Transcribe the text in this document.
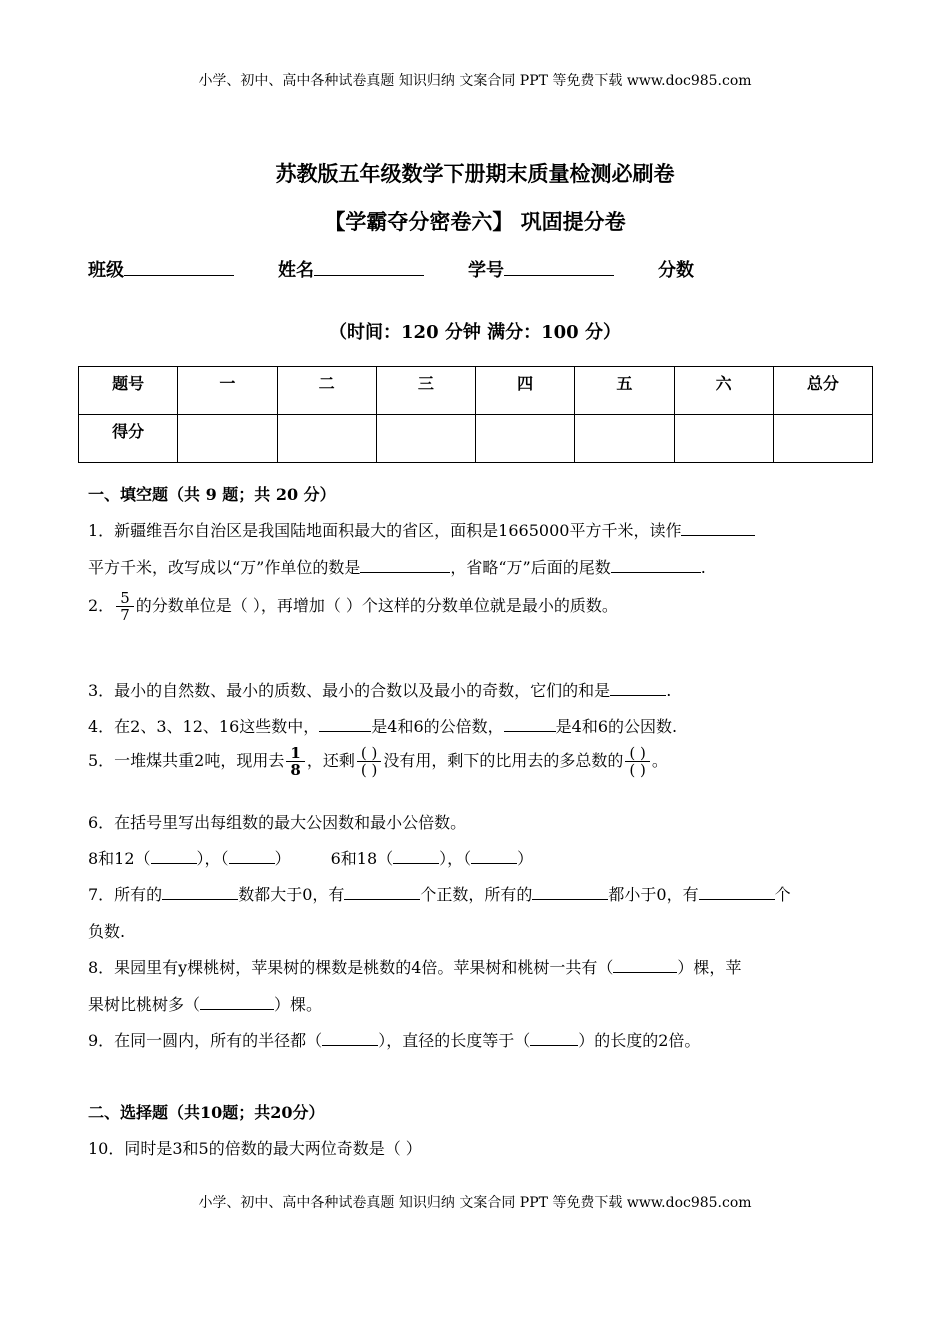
小学、初中、高中各种试卷真题 知识归纳 文案合同 PPT 等免费下载 www.doc985.com
苏教版五年级数学下册期末质量检测必刷卷
【学霸夺分密卷六】 巩固提分卷
班级	姓名	学号	分数
（时间：120 分钟 满分：100 分）
题号	一	二	三	四	五	六	总分
得分							
一、填空题（共 9 题；共 20 分）
1．新疆维吾尔自治区是我国陆地面积最大的省区，面积是1665000平方千米，读作
平方千米，改写成以“万”作单位的数是	，省略“万”后面的尾数	.
2． $\frac{5}{7}$ 的分数单位是（ ），再增加（ ）个这样的分数单位就是最小的质数。
3．最小的自然数、最小的质数、最小的合数以及最小的奇数，它们的和是	.
4．在2、3、12、16这些数中，	是4和6的公倍数，	是4和6的公因数.
5．一堆煤共重2吨，现用去 $\frac{1}{8}$ ，还剩 $\frac{( )}{( )}$ 没有用，剩下的比用去的多总数的 $\frac{( )}{( )}$ 。
6．在括号里写出每组数的最大公因数和最小公倍数。
8和12（	），（	）	6和18（	），（	）
7．所有的	数都大于0，有	个正数，所有的	都小于0，有	个
负数.
8．果园里有y棵桃树，苹果树的棵数是桃数的4倍。苹果树和桃树一共有（	）棵，苹
果树比桃树多（	）棵。
9．在同一圆内，所有的半径都（	），直径的长度等于（	）的长度的2倍。
二、选择题（共10题；共20分）
10．同时是3和5的倍数的最大两位奇数是（ ）
小学、初中、高中各种试卷真题 知识归纳 文案合同 PPT 等免费下载 www.doc985.com
